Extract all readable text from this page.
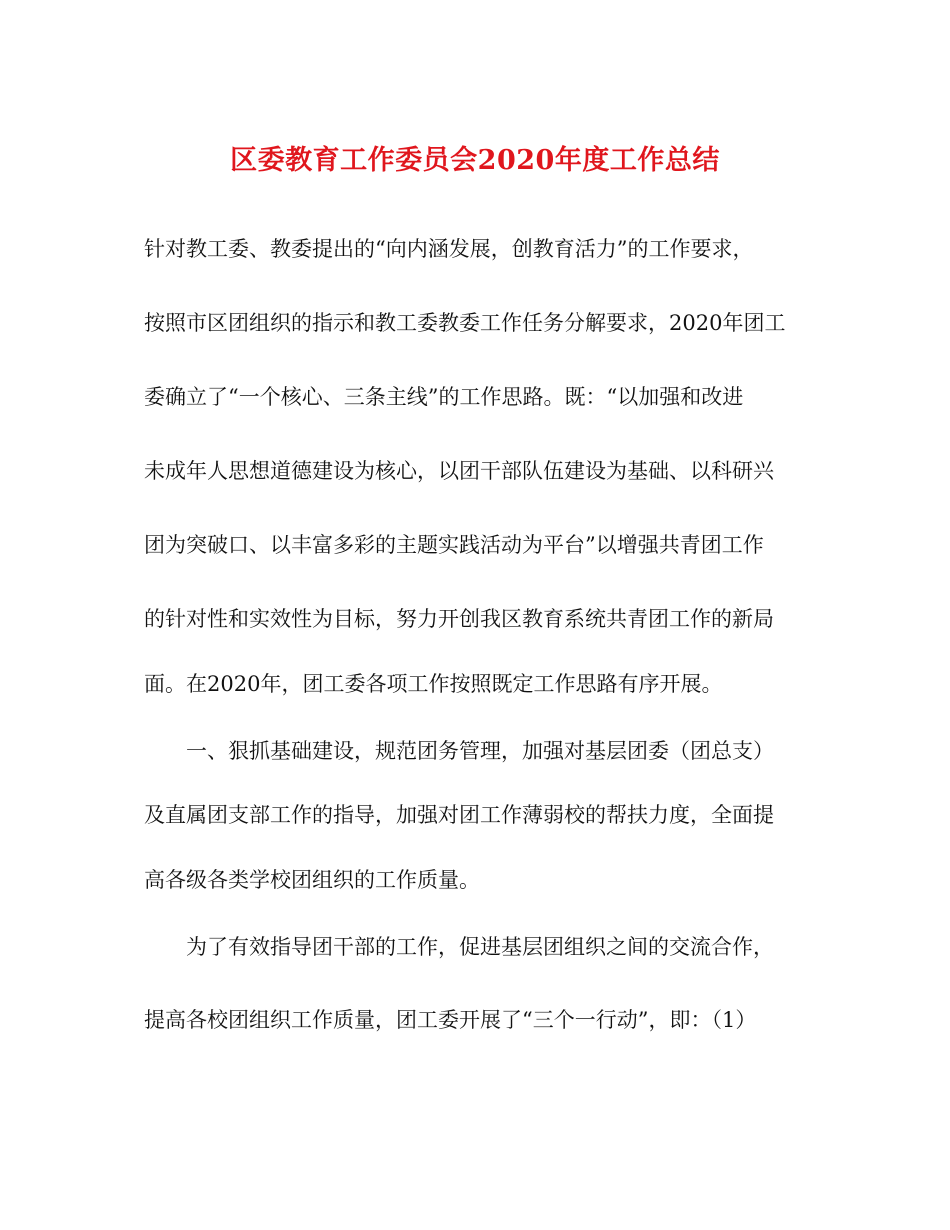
区委教育工作委员会2020年度工作总结
针对教工委、教委提出的“向内涵发展，创教育活力”的工作要求，
按照市区团组织的指示和教工委教委工作任务分解要求，2020年团工
委确立了“一个核心、三条主线”的工作思路。既：“以加强和改进
未成年人思想道德建设为核心，以团干部队伍建设为基础、以科研兴
团为突破口、以丰富多彩的主题实践活动为平台”以增强共青团工作
的针对性和实效性为目标，努力开创我区教育系统共青团工作的新局
面。在2020年，团工委各项工作按照既定工作思路有序开展。
一、狠抓基础建设，规范团务管理，加强对基层团委（团总支）
及直属团支部工作的指导，加强对团工作薄弱校的帮扶力度，全面提
高各级各类学校团组织的工作质量。
为了有效指导团干部的工作，促进基层团组织之间的交流合作，
提高各校团组织工作质量，团工委开展了“三个一行动”，即：（1）
